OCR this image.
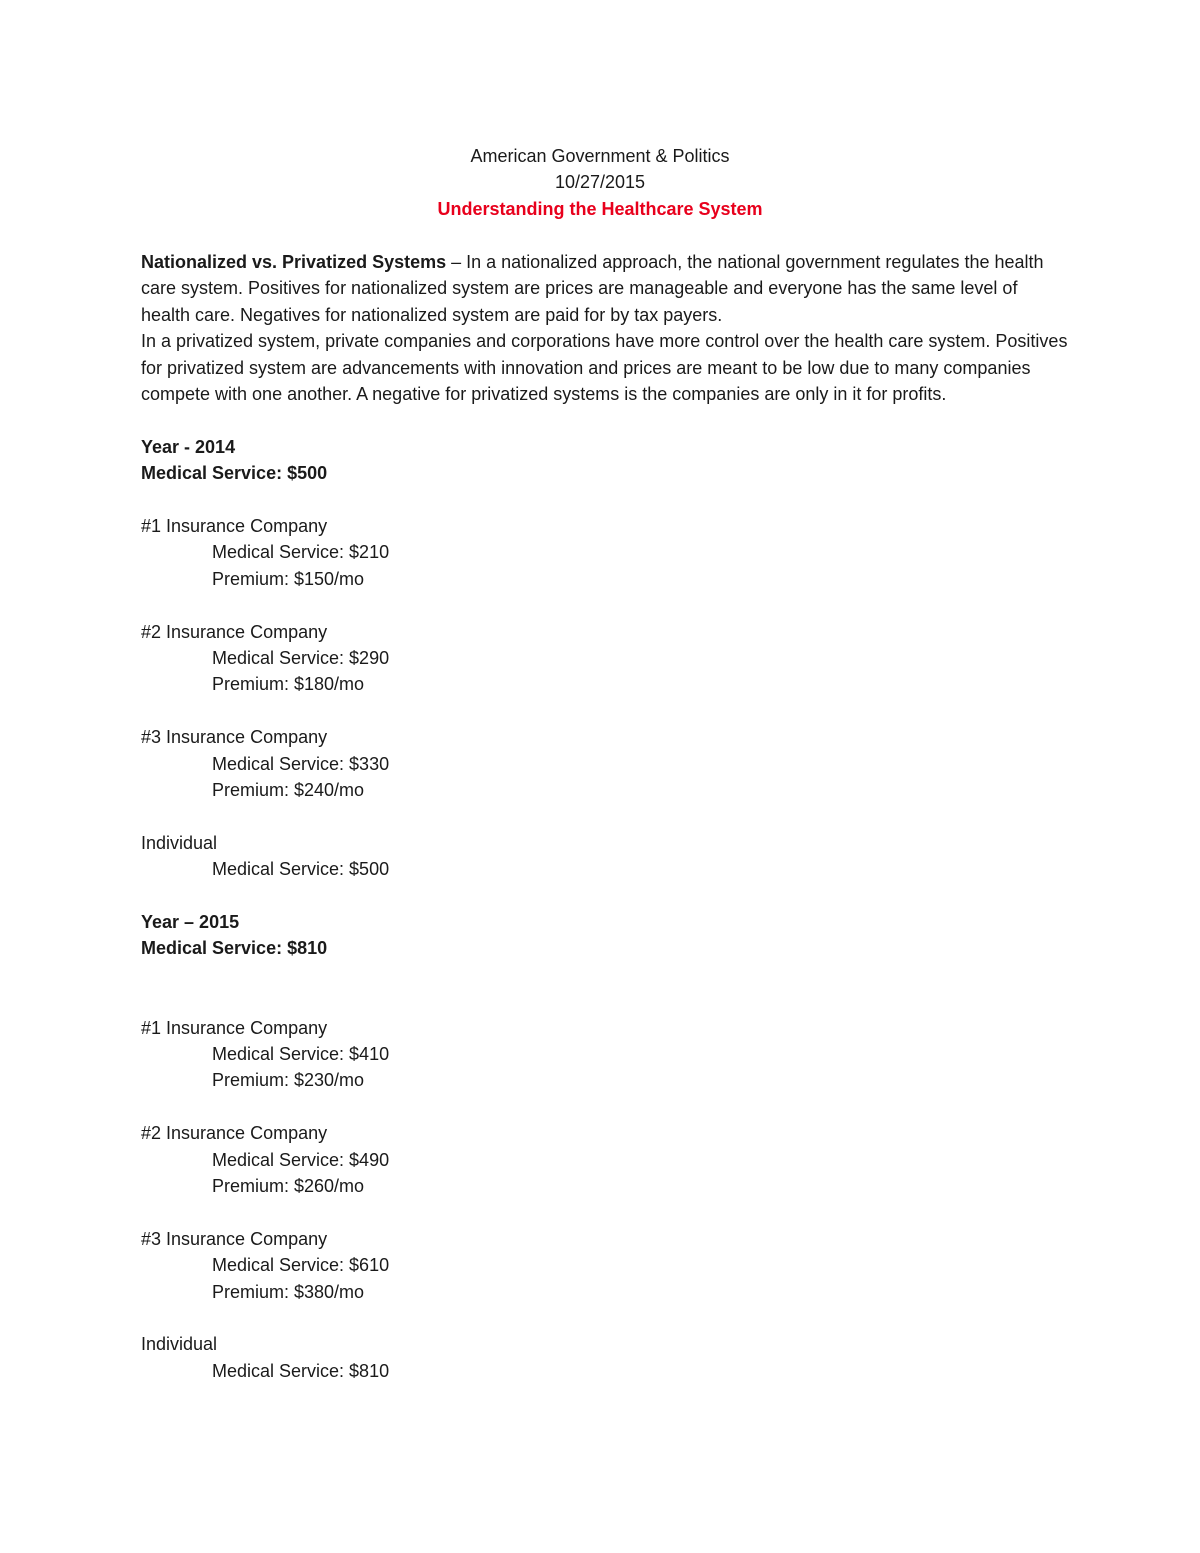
American Government & Politics
10/27/2015
Understanding the Healthcare System

Nationalized vs. Privatized Systems – In a nationalized approach, the national government regulates the health care system. Positives for nationalized system are prices are manageable and everyone has the same level of health care. Negatives for nationalized system are paid for by tax payers.

In a privatized system, private companies and corporations have more control over the health care system. Positives for privatized system are advancements with innovation and prices are meant to be low due to many companies compete with one another. A negative for privatized systems is the companies are only in it for profits.

Year - 2014
Medical Service: $500
#1 Insurance Company
Medical Service: $210
Premium: $150/mo
#2 Insurance Company
Medical Service: $290
Premium: $180/mo
#3 Insurance Company
Medical Service: $330
Premium: $240/mo
Individual
Medical Service: $500
Year – 2015
Medical Service: $810
#1 Insurance Company
Medical Service: $410
Premium: $230/mo
#2 Insurance Company
Medical Service: $490
Premium: $260/mo
#3 Insurance Company
Medical Service: $610
Premium: $380/mo
Individual
Medical Service: $810
